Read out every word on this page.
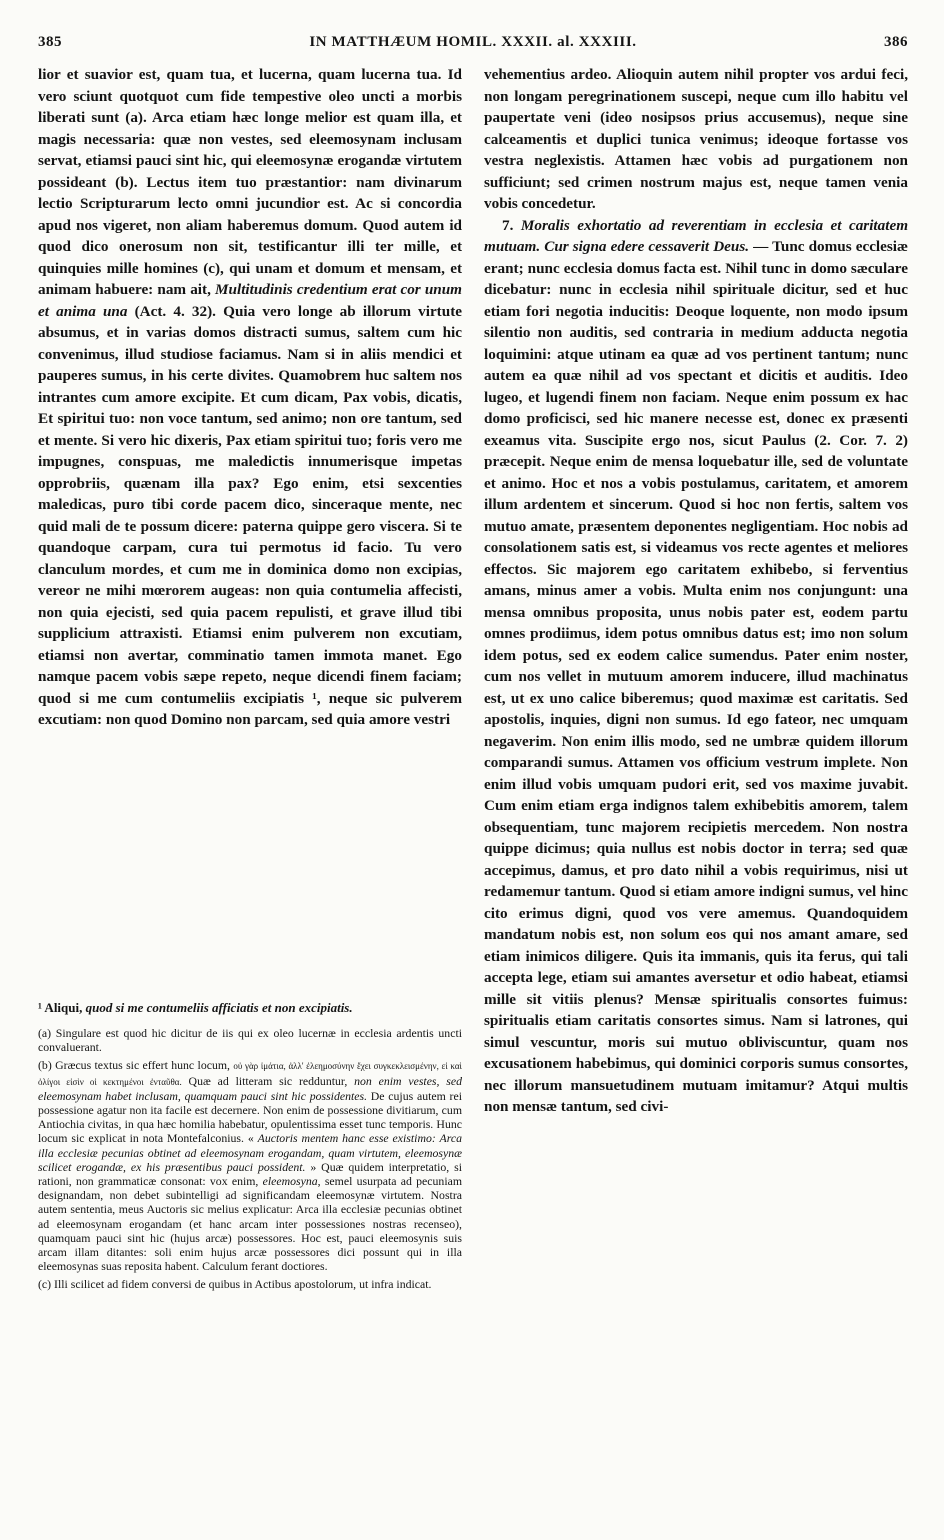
385	IN MATTHÆUM HOMIL. XXXII. al. XXXIII.	386

lior et suavior est, quam tua, et lucerna, quam lucerna tua. Id vero sciunt quotquot cum fide tempestive oleo uncti a morbis liberati sunt (a). Arca etiam hæc longe melior est quam illa, et magis necessaria: quæ non vestes, sed eleemosynam inclusam servat, etiamsi pauci sint hic, qui eleemosynæ erogandæ virtutem possideant (b). Lectus item tuo præstantior: nam divinarum lectio Scripturarum lecto omni jucundior est. Ac si concordia apud nos vigeret, non aliam haberemus domum. Quod autem id quod dico onerosum non sit, testificantur illi ter mille, et quinquies mille homines (c), qui unam et domum et mensam, et animam habuere: nam ait, Multitudinis credentium erat cor unum et anima una (Act. 4. 32). Quia vero longe ab illorum virtute absumus, et in varias domos distracti sumus, saltem cum hic convenimus, illud studiose faciamus. Nam si in aliis mendici et pauperes sumus, in his certe divites. Quamobrem huc saltem nos intrantes cum amore excipite. Et cum dicam, Pax vobis, dicatis, Et spiritui tuo: non voce tantum, sed animo; non ore tantum, sed et mente. Si vero hic dixeris, Pax etiam spiritui tuo; foris vero me impugnes, conspuas, me maledictis innumerisque impetas opprobriis, quænam illa pax? Ego enim, etsi sexcenties maledicas, puro tibi corde pacem dico, sinceraque mente, nec quid mali de te possum dicere: paterna quippe gero viscera. Si te quandoque carpam, cura tui permotus id facio. Tu vero clanculum mordes, et cum me in dominica domo non excipias, vereor ne mihi mœrorem augeas: non quia contumelia affecisti, non quia ejecisti, sed quia pacem repulisti, et grave illud tibi supplicium attraxisti. Etiamsi enim pulverem non excutiam, etiamsi non avertar, comminatio tamen immota manet. Ego namque pacem vobis sæpe repeto, neque dicendi finem faciam; quod si me cum contumeliis excipiatis ¹, neque sic pulverem excutiam: non quod Domino non parcam, sed quia amore vestri

vehementius ardeo. Alioquin autem nihil propter vos ardui feci, non longam peregrinationem suscepi, neque cum illo habitu vel paupertate veni (ideo nosipsos prius accusemus), neque sine calceamentis et duplici tunica venimus; ideoque fortasse vos vestra neglexistis. Attamen hæc vobis ad purgationem non sufficiunt; sed crimen nostrum majus est, neque tamen venia vobis concedetur.

7. Moralis exhortatio ad reverentiam in ecclesia et caritatem mutuam. Cur signa edere cessaverit Deus. — Tunc domus ecclesiæ erant; nunc ecclesia domus facta est. Nihil tunc in domo sæculare dicebatur: nunc in ecclesia nihil spirituale dicitur, sed et huc etiam fori negotia inducitis: Deoque loquente, non modo ipsum silentio non auditis, sed contraria in medium adducta negotia loquimini: atque utinam ea quæ ad vos pertinent tantum; nunc autem ea quæ nihil ad vos spectant et dicitis et auditis. Ideo lugeo, et lugendi finem non faciam. Neque enim possum ex hac domo proficisci, sed hic manere necesse est, donec ex præsenti exeamus vita. Suscipite ergo nos, sicut Paulus (2. Cor. 7. 2) præcepit. Neque enim de mensa loquebatur ille, sed de voluntate et animo. Hoc et nos a vobis postulamus, caritatem, et amorem illum ardentem et sincerum. Quod si hoc non fertis, saltem vos mutuo amate, præsentem deponentes negligentiam. Hoc nobis ad consolationem satis est, si videamus vos recte agentes et meliores effectos. Sic majorem ego caritatem exhibebo, si ferventius amans, minus amer a vobis. Multa enim nos conjungunt: una mensa omnibus proposita, unus nobis pater est, eodem partu omnes prodiimus, idem potus omnibus datus est; imo non solum idem potus, sed ex eodem calice sumendus. Pater enim noster, cum nos vellet in mutuum amorem inducere, illud machinatus est, ut ex uno calice biberemus; quod maximæ est caritatis. Sed apostolis, inquies, digni non sumus. Id ego fateor, nec umquam negaverim. Non enim illis modo, sed ne umbræ quidem illorum comparandi sumus. Attamen vos officium vestrum implete. Non enim illud vobis umquam pudori erit, sed vos maxime juvabit. Cum enim etiam erga indignos talem exhibebitis amorem, talem obsequentiam, tunc majorem recipietis mercedem. Non nostra quippe dicimus; quia nullus est nobis doctor in terra; sed quæ accepimus, damus, et pro dato nihil a vobis requirimus, nisi ut redamemur tantum. Quod si etiam amore indigni sumus, vel hinc cito erimus digni, quod vos vere amemus. Quandoquidem mandatum nobis est, non solum eos qui nos amant amare, sed etiam inimicos diligere. Quis ita immanis, quis ita ferus, qui tali accepta lege, etiam sui amantes aversetur et odio habeat, etiamsi mille sit vitiis plenus? Mensæ spiritualis consortes fuimus: spiritualis etiam caritatis consortes simus. Nam si latrones, qui simul vescuntur, moris sui mutuo obliviscuntur, quam nos excusationem habebimus, qui dominici corporis sumus consortes, nec illorum mansuetudinem mutuam imitamur? Atqui multis non mensæ tantum, sed civi-

¹ Aliqui, quod si me contumeliis afficiatis et non excipiatis.

(a) Singulare est quod hic dicitur de iis qui ex oleo lucernæ in ecclesia ardentis uncti convaluerant.

(b) Græcus textus sic effert hunc locum, οὐ γὰρ ἱμάτια, ἀλλ' ἐλεημοσύνην ἔχει συγκεκλεισμένην, εἰ καὶ ὀλίγοι εἰσὶν οἱ κεκτημένοι ἐνταῦθα. Quæ ad litteram sic redduntur, non enim vestes, sed eleemosynam habet inclusam, quamquam pauci sint hic possidentes. De cujus autem rei possessione agatur non ita facile est decernere. Non enim de possessione divitiarum, cum Antiochia civitas, in qua hæc homilia habebatur, opulentissima esset tunc temporis. Hunc locum sic explicat in nota Montefalconius. « Auctoris mentem hanc esse existimo: Arca illa ecclesiæ pecunias obtinet ad eleemosynam erogandam, quam virtutem, eleemosynæ scilicet erogandæ, ex his præsentibus pauci possident. » Quæ quidem interpretatio, si rationi, non grammaticæ consonat: vox enim, eleemosyna, semel usurpata ad pecuniam designandam, non debet subintelligi ad significandam eleemosynæ virtutem. Nostra autem sententia, meus Auctoris sic melius explicatur: Arca illa ecclesiæ pecunias obtinet ad eleemosynam erogandam (et hanc arcam inter possessiones nostras recenseo), quamquam pauci sint hic (hujus arcæ) possessores. Hoc est, pauci eleemosynis suis arcam illam ditantes: soli enim hujus arcæ possessores dici possunt qui in illa eleemosynas suas reposita habent. Calculum ferant doctiores.

(c) Illi scilicet ad fidem conversi de quibus in Actibus apostolorum, ut infra indicat.
